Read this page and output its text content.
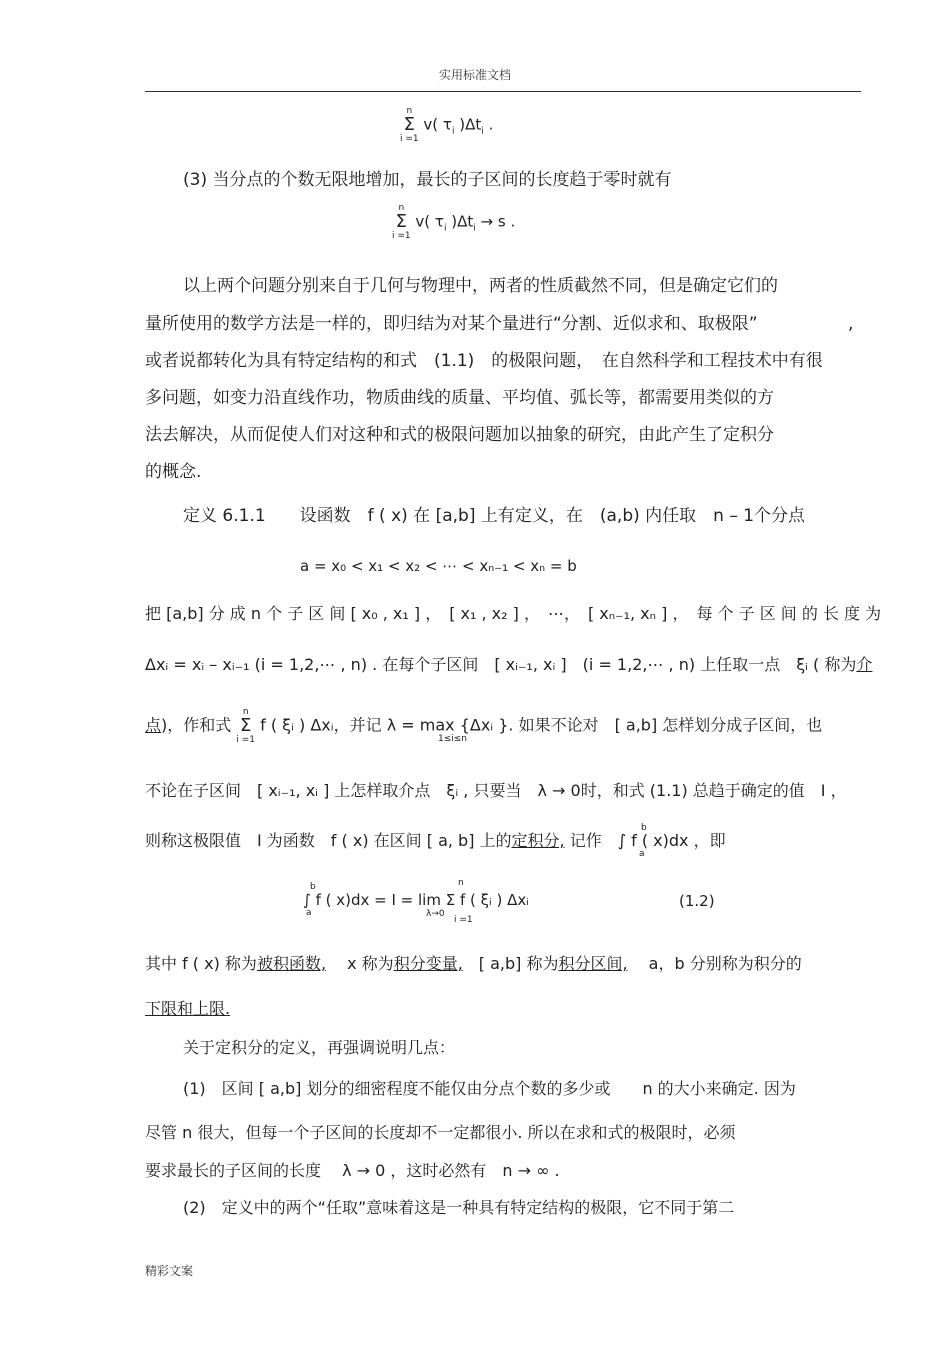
实用标准文档
n
Σ
i =1
v( $\tau_i$ )$\Delta t_i$ .
(3) 当分点的个数无限地增加，最长的子区间的长度趋于零时就有
n
Σ
i =1
v( $\tau_i$ )$\Delta t_i \to s$ .
以上两个问题分别来自于几何与物理中，两者的性质截然不同，但是确定它们的
量所使用的数学方法是一样的，即归结为对某个量进行“分割、近似求和、取极限”	,
或者说都转化为具有特定结构的和式　(1.1)　的极限问题，　在自然科学和工程技术中有很
多问题，如变力沿直线作功，物质曲线的质量、平均值、弧长等，都需要用类似的方
法去解决，从而促使人们对这种和式的极限问题加以抽象的研究，由此产生了定积分
的概念.
定义 6.1.1　　设函数　f ( x) 在 [a,b] 上有定义，在　(a,b) 内任取　n – 1个分点
a = x₀ < x₁ < x₂ < ⋯ < xₙ₋₁ < xₙ = b
把 [a,b] 分 成 n 个 子 区 间 [ x₀ , x₁ ] ，　[ x₁ , x₂ ] ，　⋯，　[ xₙ₋₁, xₙ ] ，　每 个 子 区 间 的 长 度 为
Δxᵢ = xᵢ – xᵢ₋₁ (i = 1,2,⋯ , n) . 在每个子区间　[ xᵢ₋₁, xᵢ ]　(i = 1,2,⋯ , n) 上任取一点　ξᵢ ( 称为介
点)，作和式
n
Σ
i =1
f ( ξᵢ ) Δxᵢ，并记 λ = max {Δxᵢ }. 如果不论对　[ a,b] 怎样划分成子区间，也
1≤i≤n
不论在子区间　[ xᵢ₋₁, xᵢ ] 上怎样取介点　ξᵢ , 只要当　λ → 0时，和式 (1.1) 总趋于确定的值　I ，
则称这极限值　I 为函数　f ( x) 在区间 [ a, b] 上的定积分, 记作　∫ f ( x)dx ，即
b
a
∫ f ( x)dx = I = lim Σ f ( ξᵢ ) Δxᵢ
b
a	λ→0
n
i =1
(1.2)
其中 f ( x) 称为被积函数,　 x 称为积分变量,　[ a,b] 称为积分区间,　 a，b 分别称为积分的
下限和上限.
关于定积分的定义，再强调说明几点：
(1)　区间 [ a,b] 划分的细密程度不能仅由分点个数的多少或　　n 的大小来确定. 因为
尽管 n 很大，但每一个子区间的长度却不一定都很小. 所以在求和式的极限时，必须
要求最长的子区间的长度　 λ → 0 ，这时必然有　n → ∞ .
(2)　定义中的两个“任取”意味着这是一种具有特定结构的极限，它不同于第二
精彩文案
